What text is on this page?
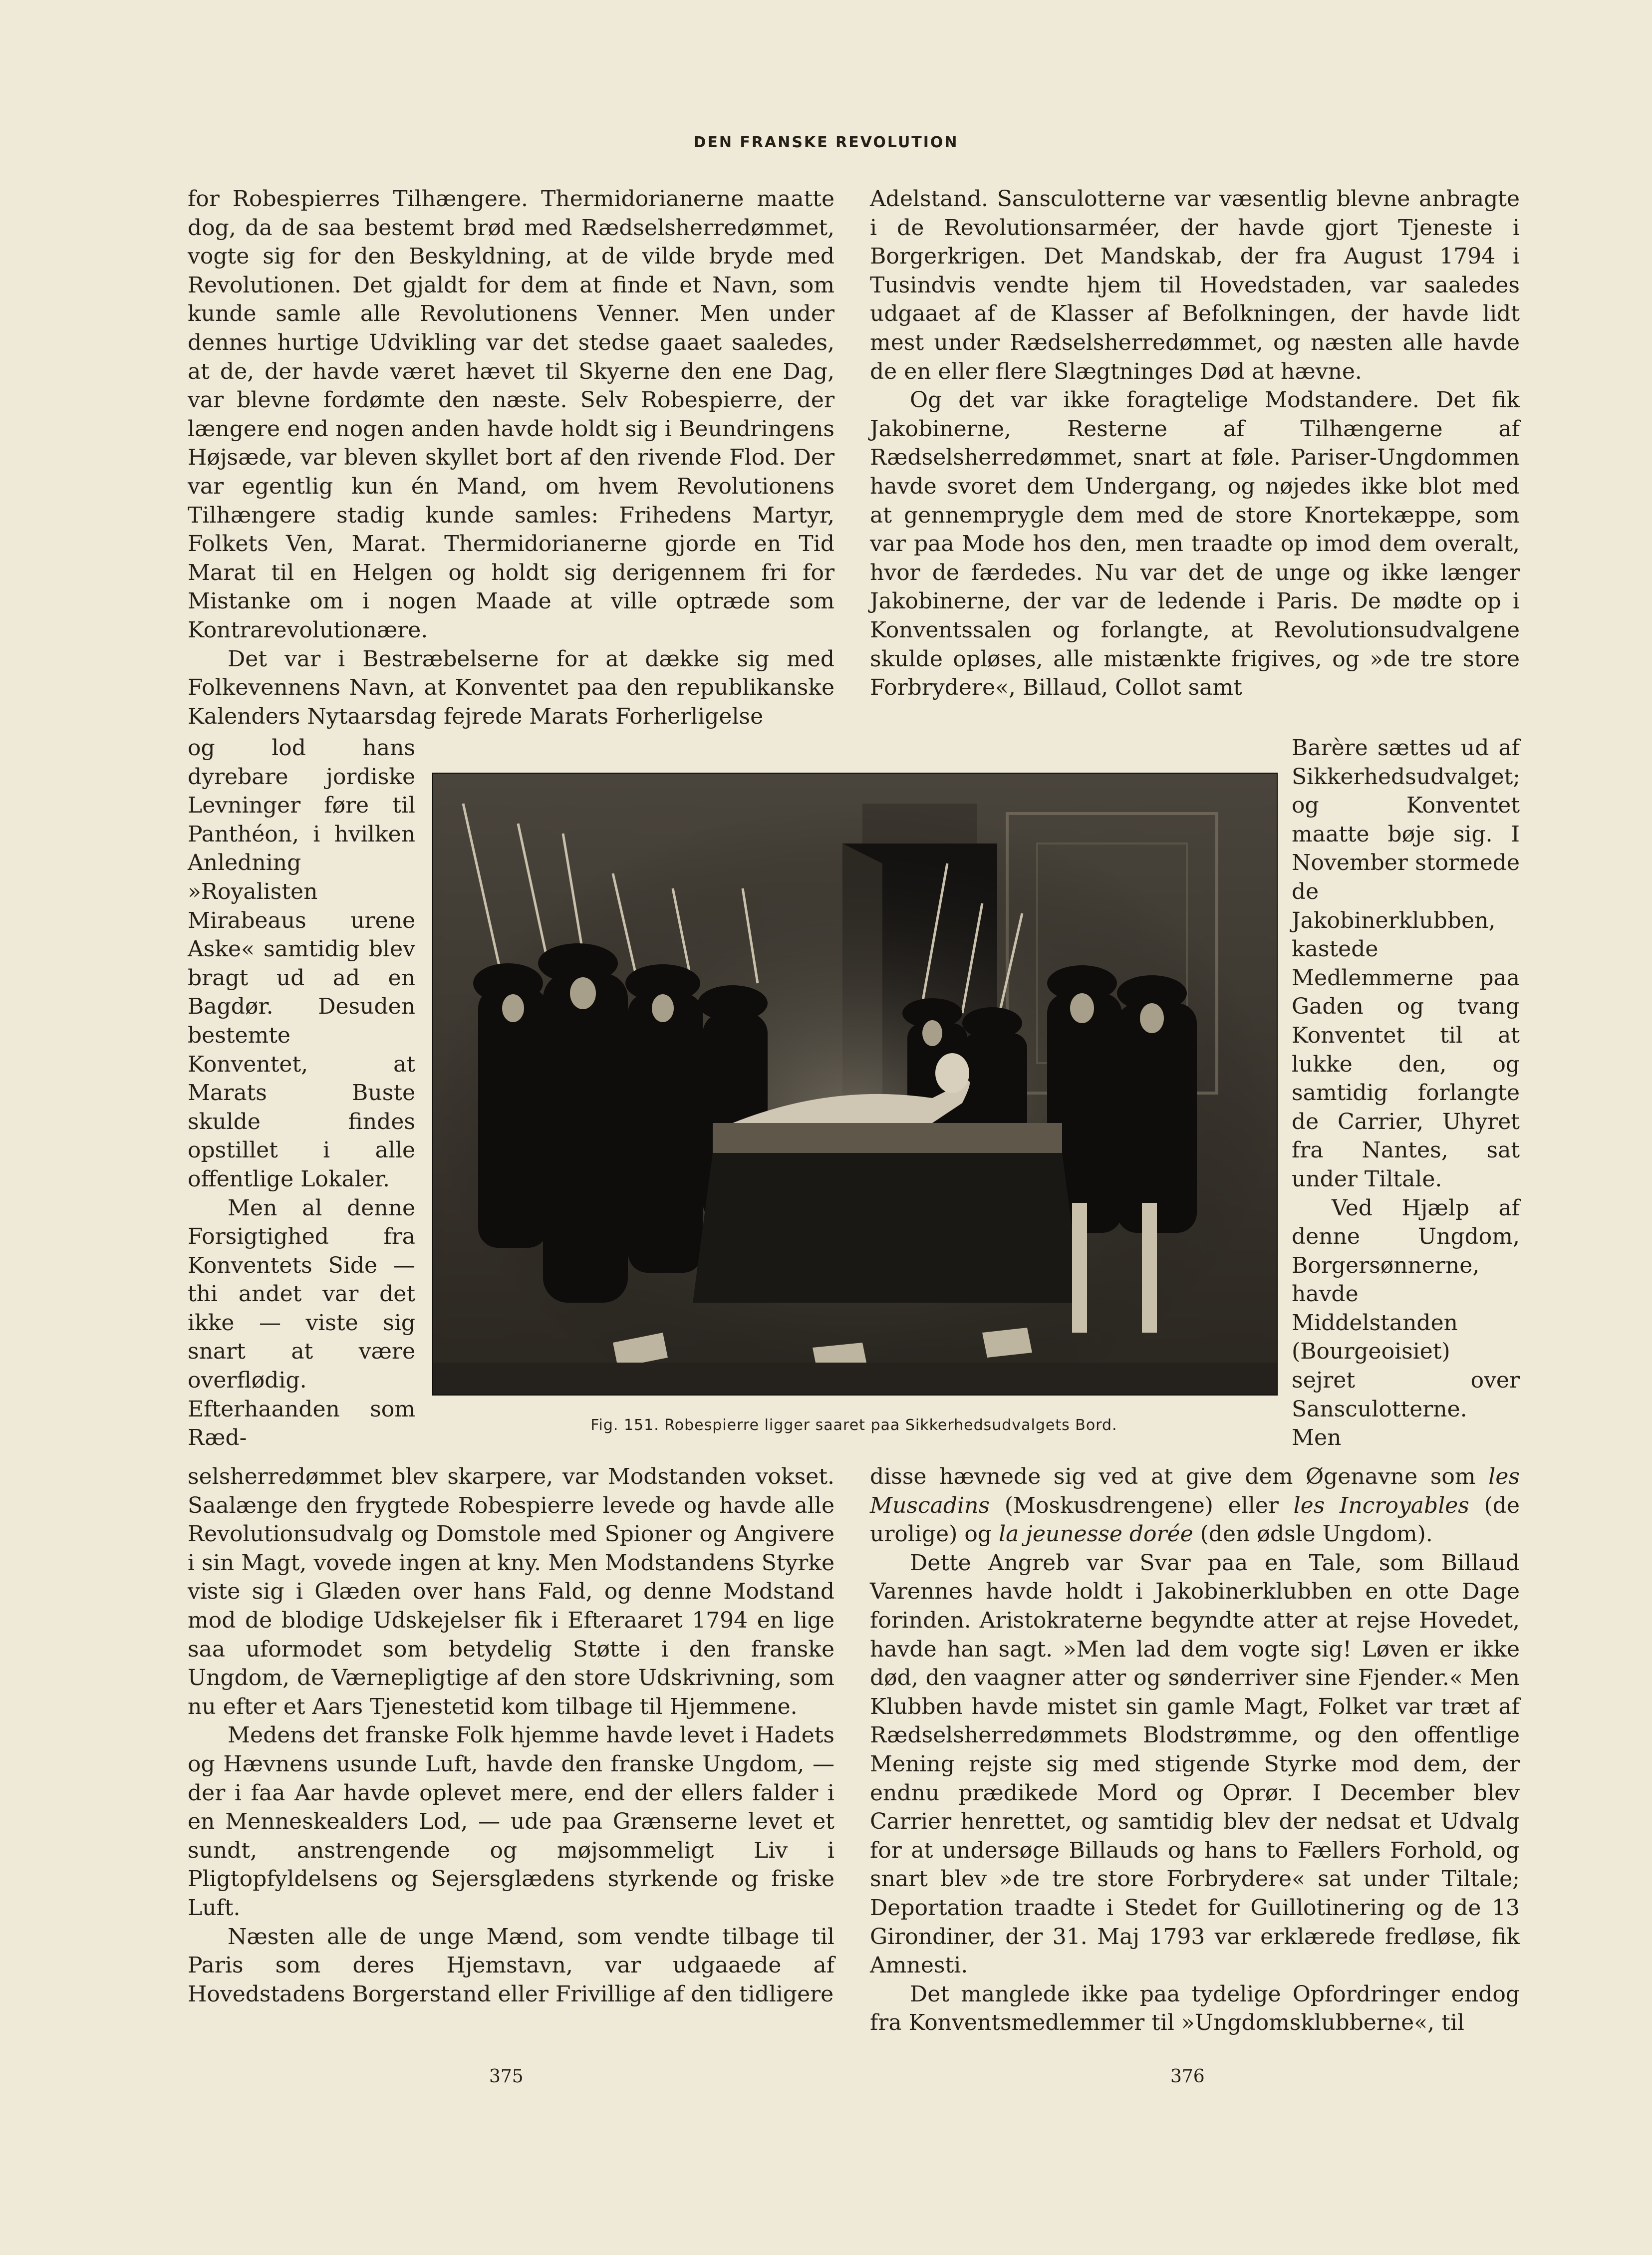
DEN FRANSKE REVOLUTION

for Robespierres Tilhængere. Thermidorianerne maatte dog, da de saa bestemt brød med Rædselsherredømmet, vogte sig for den Beskyldning, at de vilde bryde med Revolutionen. Det gjaldt for dem at finde et Navn, som kunde samle alle Revolutionens Venner. Men under dennes hurtige Udvikling var det stedse gaaet saaledes, at de, der havde været hævet til Skyerne den ene Dag, var blevne fordømte den næste. Selv Robespierre, der længere end nogen anden havde holdt sig i Beundringens Højsæde, var bleven skyllet bort af den rivende Flod. Der var egentlig kun én Mand, om hvem Revolutionens Tilhængere stadig kunde samles: Frihedens Martyr, Folkets Ven, Marat. Thermidorianerne gjorde en Tid Marat til en Helgen og holdt sig derigennem fri for Mistanke om i nogen Maade at ville optræde som Kontrarevolutionære.

Det var i Bestræbelserne for at dække sig med Folkevennens Navn, at Konventet paa den republikanske Kalenders Nytaarsdag fejrede Marats Forherligelse

Adelstand. Sansculotterne var væsentlig blevne anbragte i de Revolutionsarméer, der havde gjort Tjeneste i Borgerkrigen. Det Mandskab, der fra August 1794 i Tusindvis vendte hjem til Hovedstaden, var saaledes udgaaet af de Klasser af Befolkningen, der havde lidt mest under Rædselsherredømmet, og næsten alle havde de en eller flere Slægtninges Død at hævne.

Og det var ikke foragtelige Modstandere. Det fik Jakobinerne, Resterne af Tilhængerne af Rædselsherredømmet, snart at føle. Pariser-Ungdommen havde svoret dem Undergang, og nøjedes ikke blot med at gennemprygle dem med de store Knortekæppe, som var paa Mode hos den, men traadte op imod dem overalt, hvor de færdedes. Nu var det de unge og ikke længer Jakobinerne, der var de ledende i Paris. De mødte op i Konventssalen og forlangte, at Revolutionsudvalgene skulde opløses, alle mistænkte frigives, og »de tre store Forbrydere«, Billaud, Collot samt

og lod hans dyrebare jordiske Levninger føre til Panthéon, i hvilken Anledning »Royalisten Mirabeaus urene Aske« samtidig blev bragt ud ad en Bagdør. Desuden bestemte Konventet, at Marats Buste skulde findes opstillet i alle offentlige Lokaler.

Men al denne Forsigtighed fra Konventets Side — thi andet var det ikke — viste sig snart at være overflødig. Efterhaanden som Ræd-

Barère sættes ud af Sikkerhedsudvalget; og Konventet maatte bøje sig. I November stormede de Jakobinerklubben, kastede Medlemmerne paa Gaden og tvang Konventet til at lukke den, og samtidig forlangte de Carrier, Uhyret fra Nantes, sat under Tiltale.

Ved Hjælp af denne Ungdom, Borgersønnerne, havde Middelstanden (Bourgeoisiet) sejret over Sansculotterne. Men

Fig. 151. Robespierre ligger saaret paa Sikkerhedsudvalgets Bord.

selsherredømmet blev skarpere, var Modstanden vokset. Saalænge den frygtede Robespierre levede og havde alle Revolutionsudvalg og Domstole med Spioner og Angivere i sin Magt, vovede ingen at kny. Men Modstandens Styrke viste sig i Glæden over hans Fald, og denne Modstand mod de blodige Udskejelser fik i Efteraaret 1794 en lige saa uformodet som betydelig Støtte i den franske Ungdom, de Værnepligtige af den store Udskrivning, som nu efter et Aars Tjenestetid kom tilbage til Hjemmene.

Medens det franske Folk hjemme havde levet i Hadets og Hævnens usunde Luft, havde den franske Ungdom, — der i faa Aar havde oplevet mere, end der ellers falder i en Menneskealders Lod, — ude paa Grænserne levet et sundt, anstrengende og møjsommeligt Liv i Pligtopfyldelsens og Sejersglædens styrkende og friske Luft.

Næsten alle de unge Mænd, som vendte tilbage til Paris som deres Hjemstavn, var udgaaede af Hovedstadens Borgerstand eller Frivillige af den tidligere

disse hævnede sig ved at give dem Øgenavne som les Muscadins (Moskusdrengene) eller les Incroyables (de urolige) og la jeunesse dorée (den ødsle Ungdom).

Dette Angreb var Svar paa en Tale, som Billaud Varennes havde holdt i Jakobinerklubben en otte Dage forinden. Aristokraterne begyndte atter at rejse Hovedet, havde han sagt. »Men lad dem vogte sig! Løven er ikke død, den vaagner atter og sønderriver sine Fjender.« Men Klubben havde mistet sin gamle Magt, Folket var træt af Rædselsherredømmets Blodstrømme, og den offentlige Mening rejste sig med stigende Styrke mod dem, der endnu prædikede Mord og Oprør. I December blev Carrier henrettet, og samtidig blev der nedsat et Udvalg for at undersøge Billauds og hans to Fællers Forhold, og snart blev »de tre store Forbrydere« sat under Tiltale; Deportation traadte i Stedet for Guillotinering og de 13 Girondiner, der 31. Maj 1793 var erklærede fredløse, fik Amnesti.

Det manglede ikke paa tydelige Opfordringer endog fra Konventsmedlemmer til »Ungdomsklubberne«, til

375	376
